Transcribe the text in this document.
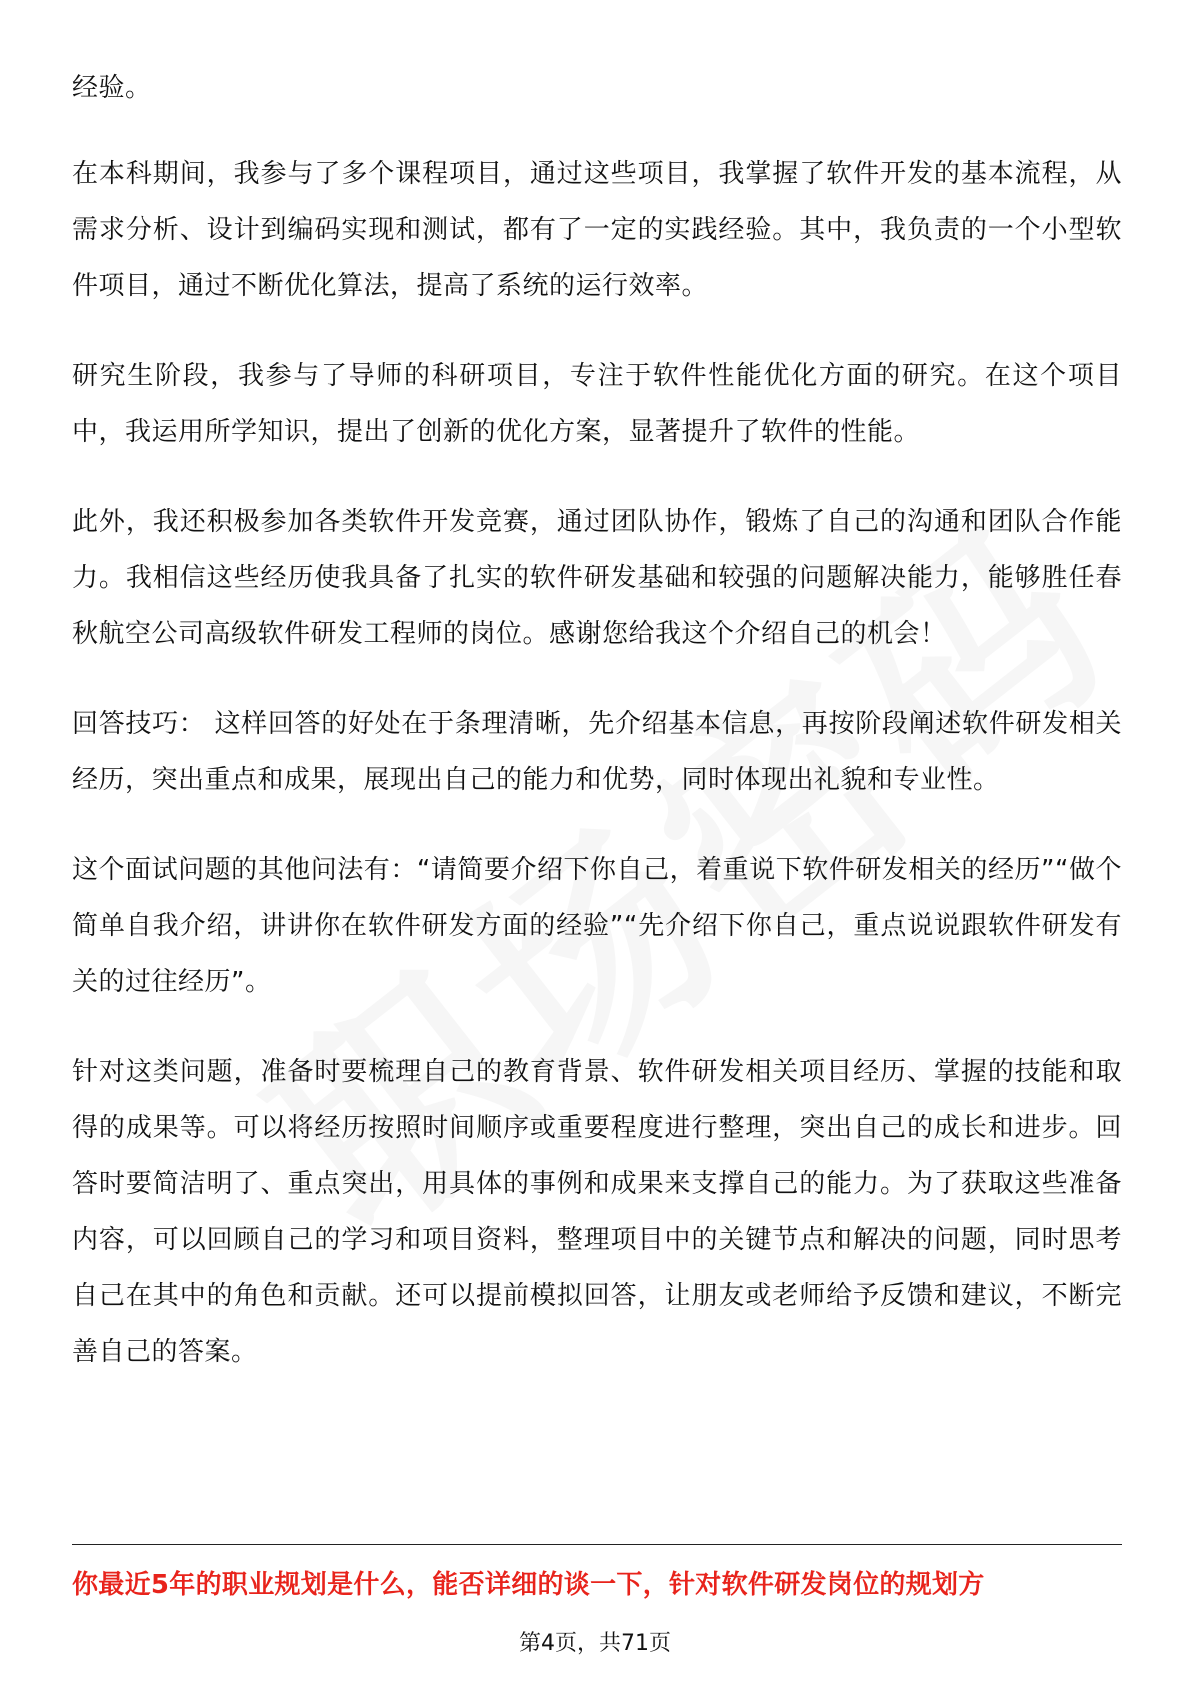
经验。

在本科期间，我参与了多个课程项目，通过这些项目，我掌握了软件开发的基本流程，从需求分析、设计到编码实现和测试，都有了一定的实践经验。其中，我负责的一个小型软件项目，通过不断优化算法，提高了系统的运行效率。

研究生阶段，我参与了导师的科研项目，专注于软件性能优化方面的研究。在这个项目中，我运用所学知识，提出了创新的优化方案，显著提升了软件的性能。

此外，我还积极参加各类软件开发竞赛，通过团队协作，锻炼了自己的沟通和团队合作能力。我相信这些经历使我具备了扎实的软件研发基础和较强的问题解决能力，能够胜任春秋航空公司高级软件研发工程师的岗位。感谢您给我这个介绍自己的机会！

回答技巧： 这样回答的好处在于条理清晰，先介绍基本信息，再按阶段阐述软件研发相关经历，突出重点和成果，展现出自己的能力和优势，同时体现出礼貌和专业性。

这个面试问题的其他问法有：“请简要介绍下你自己，着重说下软件研发相关的经历”“做个简单自我介绍，讲讲你在软件研发方面的经验”“先介绍下你自己，重点说说跟软件研发有关的过往经历”。

针对这类问题，准备时要梳理自己的教育背景、软件研发相关项目经历、掌握的技能和取得的成果等。可以将经历按照时间顺序或重要程度进行整理，突出自己的成长和进步。回答时要简洁明了、重点突出，用具体的事例和成果来支撑自己的能力。为了获取这些准备内容，可以回顾自己的学习和项目资料，整理项目中的关键节点和解决的问题，同时思考自己在其中的角色和贡献。还可以提前模拟回答，让朋友或老师给予反馈和建议，不断完善自己的答案。

你最近5年的职业规划是什么，能否详细的谈一下，针对软件研发岗位的规划方
第4页，共71页
